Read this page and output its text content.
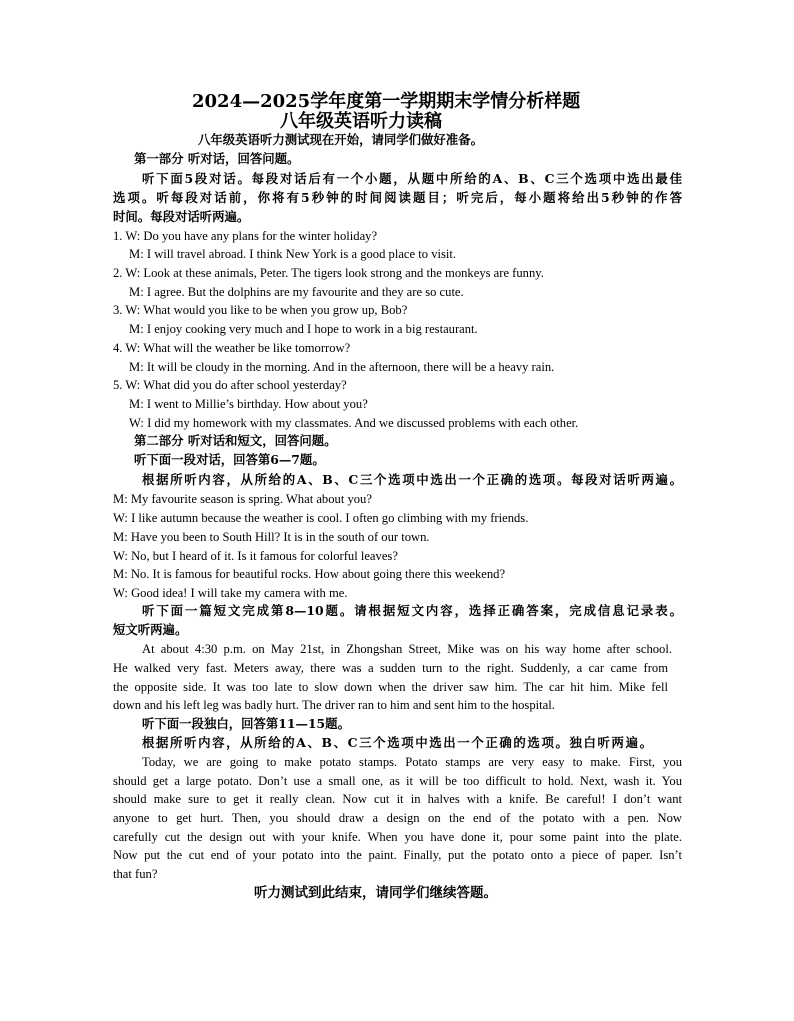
2024—2025学年度第一学期期末学情分析样题
八年级英语听力读稿
八年级英语听力测试现在开始，请同学们做好准备。
第一部分 听对话，回答问题。
听下面5段对话。每段对话后有一个小题，从题中所给的A、B、C三个选项中选出最佳
选项。听每段对话前，你将有5秒钟的时间阅读题目；听完后，每小题将给出5秒钟的作答
时间。每段对话听两遍。
1. W: Do you have any plans for the winter holiday?
M: I will travel abroad. I think New York is a good place to visit.
2. W: Look at these animals, Peter. The tigers look strong and the monkeys are funny.
M: I agree. But the dolphins are my favourite and they are so cute.
3. W: What would you like to be when you grow up, Bob?
M: I enjoy cooking very much and I hope to work in a big restaurant.
4. W: What will the weather be like tomorrow?
M: It will be cloudy in the morning. And in the afternoon, there will be a heavy rain.
5. W: What did you do after school yesterday?
M: I went to Millie’s birthday. How about you?
W: I did my homework with my classmates. And we discussed problems with each other.
第二部分 听对话和短文，回答问题。
听下面一段对话，回答第6—7题。
根据所听内容，从所给的A、B、C三个选项中选出一个正确的选项。每段对话听两遍。
M: My favourite season is spring. What about you?
W: I like autumn because the weather is cool. I often go climbing with my friends.
M: Have you been to South Hill? It is in the south of our town.
W: No, but I heard of it. Is it famous for colorful leaves?
M: No. It is famous for beautiful rocks. How about going there this weekend?
W: Good idea! I will take my camera with me.
听下面一篇短文完成第8—10题。请根据短文内容，选择正确答案，完成信息记录表。
短文听两遍。
At about 4:30 p.m. on May 21st, in Zhongshan Street, Mike was on his way home after school.
He walked very fast. Meters away, there was a sudden turn to the right. Suddenly, a car came from
the opposite side. It was too late to slow down when the driver saw him. The car hit him. Mike fell
down and his left leg was badly hurt. The driver ran to him and sent him to the hospital.
听下面一段独白，回答第11—15题。
根据所听内容，从所给的A、B、C三个选项中选出一个正确的选项。独白听两遍。
Today, we are going to make potato stamps. Potato stamps are very easy to make. First, you
should get a large potato. Don’t use a small one, as it will be too difficult to hold. Next, wash it. You
should make sure to get it really clean. Now cut it in halves with a knife. Be careful! I don’t want
anyone to get hurt. Then, you should draw a design on the end of the potato with a pen. Now
carefully cut the design out with your knife. When you have done it, pour some paint into the plate.
Now put the cut end of your potato into the paint. Finally, put the potato onto a piece of paper. Isn’t
that fun?
听力测试到此结束，请同学们继续答题。
